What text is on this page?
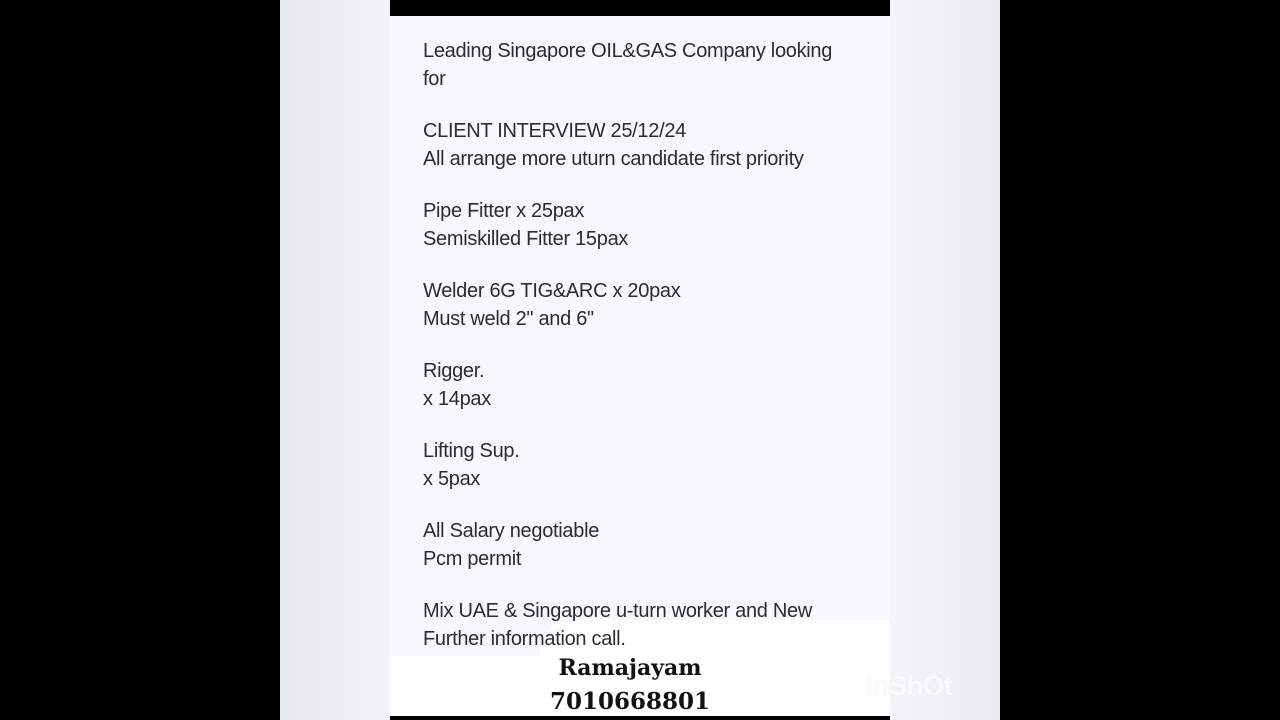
Leading Singapore OIL&GAS Company looking
for
CLIENT INTERVIEW 25/12/24
All arrange more uturn candidate first priority
Pipe Fitter x 25pax
Semiskilled Fitter 15pax
Welder 6G TIG&ARC x 20pax
Must weld 2" and 6"
Rigger.
x 14pax
Lifting Sup.
x 5pax
All Salary negotiable
Pcm permit
Mix UAE & Singapore u-turn worker and New
Further information call.
Ramajayam
7010668801
InShOt
